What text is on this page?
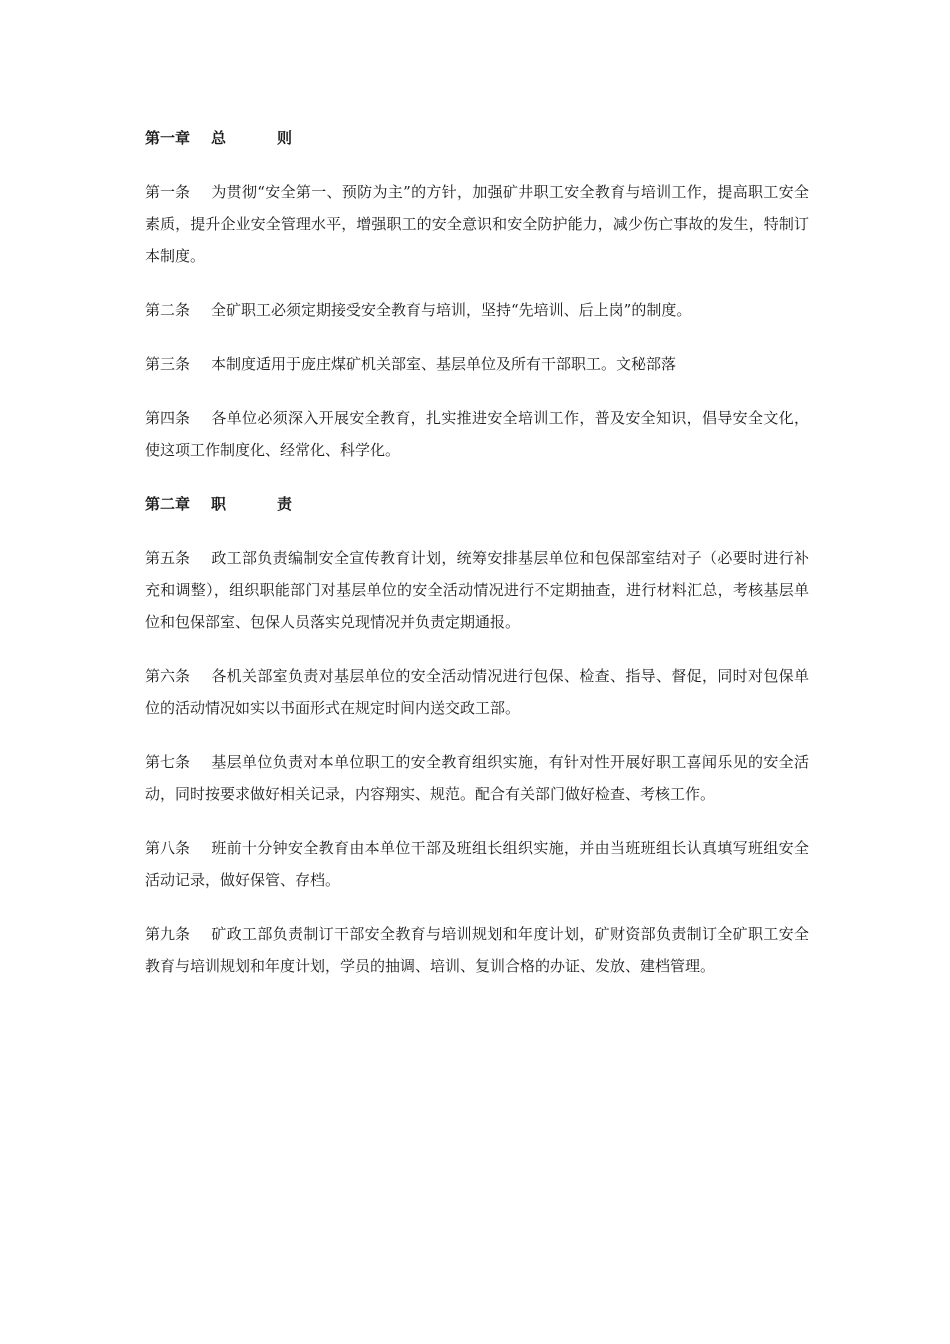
第一章 总	则

第一条 为贯彻“安全第一、预防为主”的方针，加强矿井职工安全教育与培训工作，提高职工安全素质，提升企业安全管理水平，增强职工的安全意识和安全防护能力，减少伤亡事故的发生，特制订本制度。

第二条 全矿职工必须定期接受安全教育与培训，坚持“先培训、后上岗”的制度。

第三条 本制度适用于庞庄煤矿机关部室、基层单位及所有干部职工。文秘部落

第四条 各单位必须深入开展安全教育，扎实推进安全培训工作，普及安全知识，倡导安全文化，使这项工作制度化、经常化、科学化。

第二章 职	责

第五条 政工部负责编制安全宣传教育计划，统筹安排基层单位和包保部室结对子（必要时进行补充和调整），组织职能部门对基层单位的安全活动情况进行不定期抽查，进行材料汇总，考核基层单位和包保部室、包保人员落实兑现情况并负责定期通报。

第六条 各机关部室负责对基层单位的安全活动情况进行包保、检查、指导、督促，同时对包保单位的活动情况如实以书面形式在规定时间内送交政工部。

第七条 基层单位负责对本单位职工的安全教育组织实施，有针对性开展好职工喜闻乐见的安全活动，同时按要求做好相关记录，内容翔实、规范。配合有关部门做好检查、考核工作。

第八条 班前十分钟安全教育由本单位干部及班组长组织实施，并由当班班组长认真填写班组安全活动记录，做好保管、存档。

第九条 矿政工部负责制订干部安全教育与培训规划和年度计划，矿财资部负责制订全矿职工安全教育与培训规划和年度计划，学员的抽调、培训、复训合格的办证、发放、建档管理。
